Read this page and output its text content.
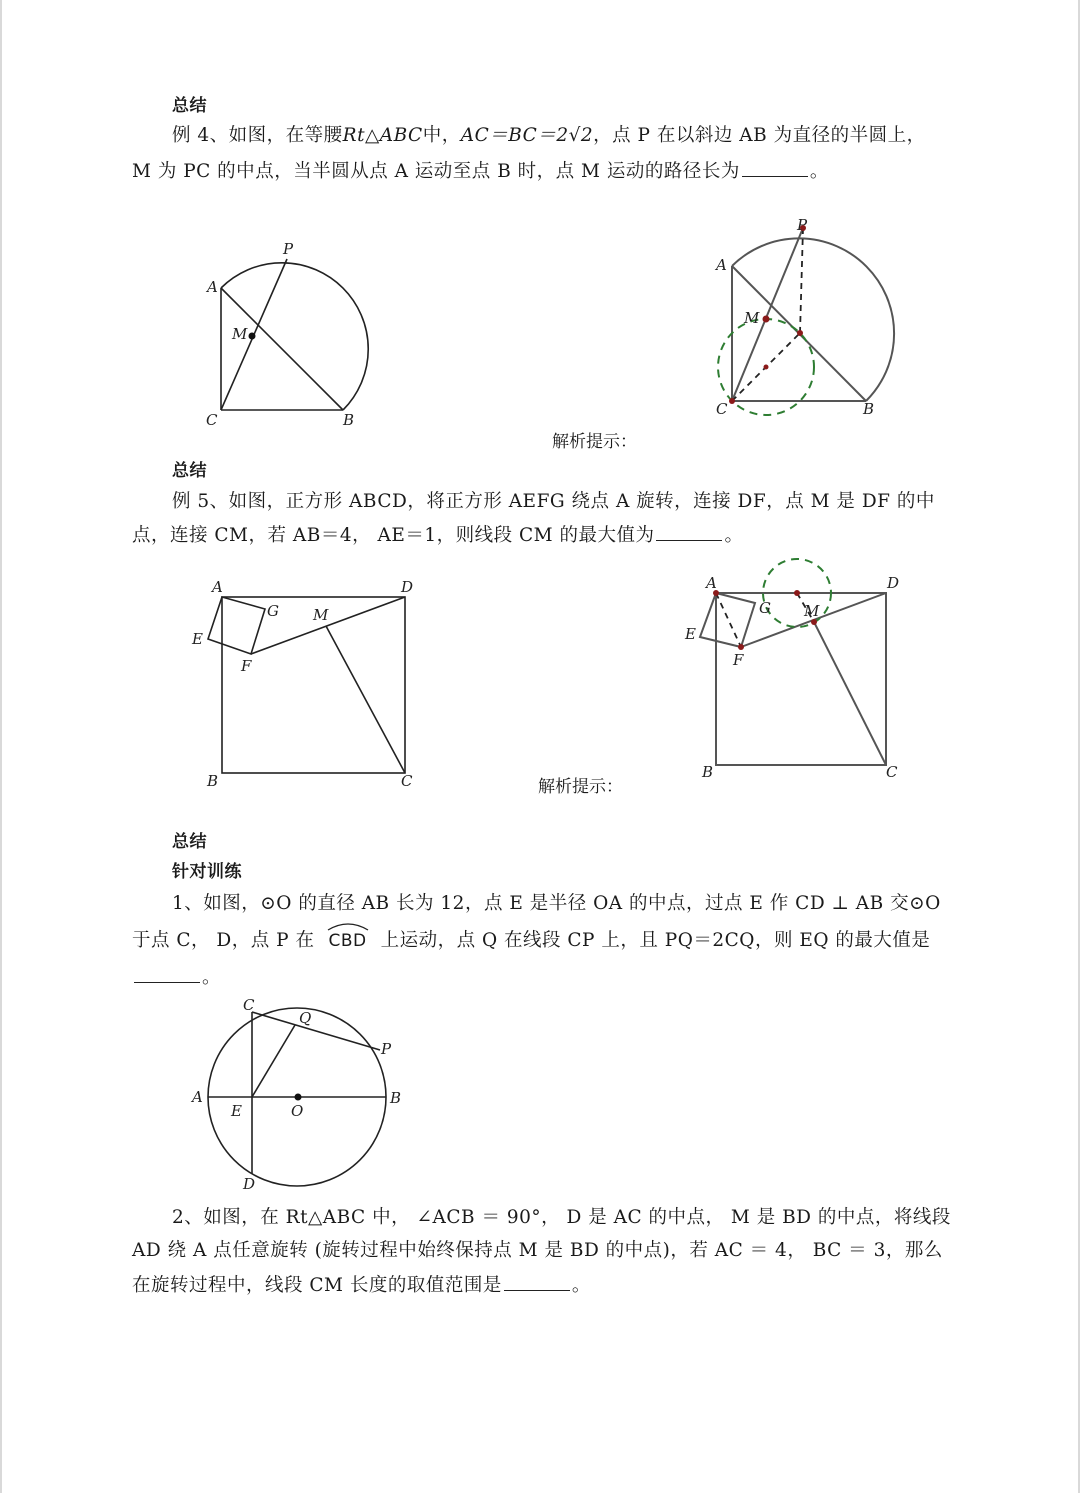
总结
例 4、如图，在等腰Rt△ABC中，AC＝BC＝2√2，点 P 在以斜边 AB 为直径的半圆上，
M 为 PC 的中点，当半圆从点 A 运动至点 B 时，点 M 运动的路径长为	。
A
P
M
C	B
P
A
M
C	B
解析提示：
总结
例 5、如图，正方形 ABCD，将正方形 AEFG 绕点 A 旋转，连接 DF，点 M 是 DF 的中
点，连接 CM，若 AB＝4， AE＝1，则线段 CM 的最大值为	。
A	D
G M
E
F
B	C
A	D
G M
E
F
B	C
解析提示：
总结
针对训练
1、如图，⊙O 的直径 AB 长为 12，点 E 是半径 OA 的中点，过点 E 作 CD ⊥ AB 交⊙O
于点 C， D，点 P 在 CBD 上运动，点 Q 在线段 CP 上，且 PQ＝2CQ，则 EQ 的最大值是
。
C
Q
P
A
E	O
B
D
2、如图，在 Rt△ABC 中， ∠ACB ＝ 90°， D 是 AC 的中点， M 是 BD 的中点，将线段
AD 绕 A 点任意旋转 (旋转过程中始终保持点 M 是 BD 的中点)，若 AC ＝ 4， BC ＝ 3，那么
在旋转过程中，线段 CM 长度的取值范围是	。
